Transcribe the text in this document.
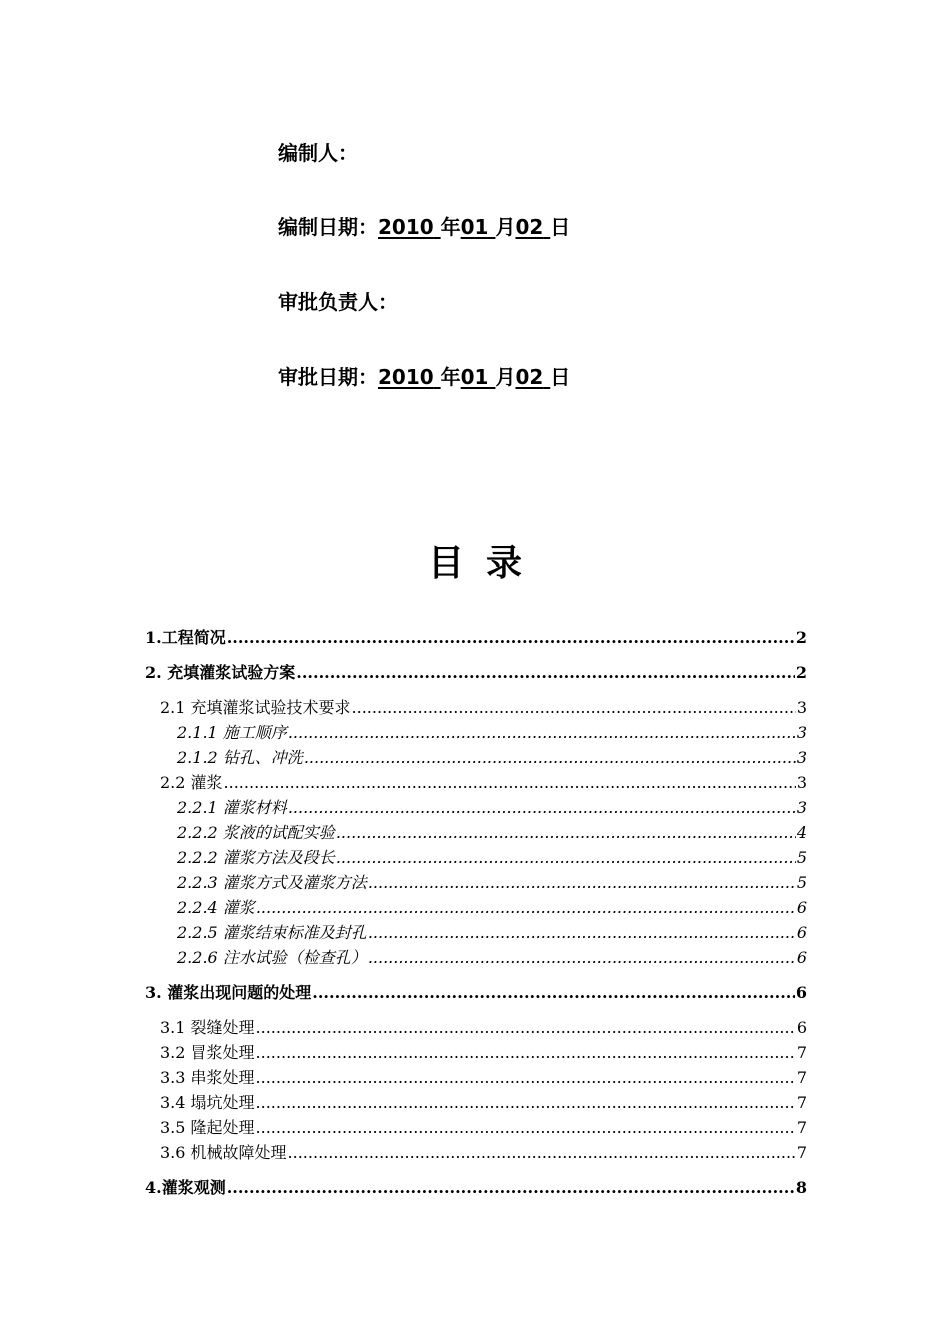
编制人：
编制日期：2010 年01 月02 日
审批负责人：
审批日期：2010 年01 月02 日
目录
1.工程简况 .....	2
2. 充填灌浆试验方案 .....	2
2.1 充填灌浆试验技术要求 .....	3
2.1.1 施工顺序 .....	3
2.1.2 钻孔、冲洗 .....	3
2.2 灌浆 .....	3
2.2.1 灌浆材料 .....	3
2.2.2 浆液的试配实验 .....	4
2.2.2 灌浆方法及段长 .....	5
2.2.3 灌浆方式及灌浆方法 .....	5
2.2.4 灌浆 .....	6
2.2.5 灌浆结束标准及封孔 .....	6
2.2.6 注水试验（检查孔） .....	6
3. 灌浆出现问题的处理 .....	6
3.1 裂缝处理 .....	6
3.2 冒浆处理 .....	7
3.3 串浆处理 .....	7
3.4 塌坑处理 .....	7
3.5 隆起处理 .....	7
3.6 机械故障处理 .....	7
4.灌浆观测 .....	8
